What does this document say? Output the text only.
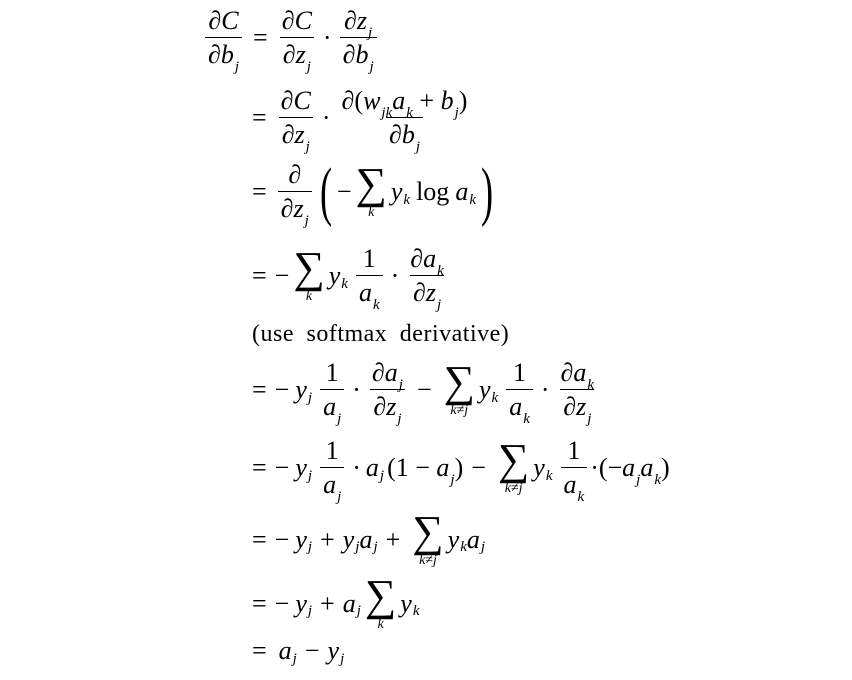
$\frac{\partial C}{\partial b_j} = \frac{\partial C}{\partial z_j} \cdot \frac{\partial z_j}{\partial b_j}$
= $\frac{\partial C}{\partial z_j} \cdot \frac{\partial(w_{jk}a_k + b_j)}{\partial b_j}$
= $\frac{\partial}{\partial z_j}$ ( − ∑
k
y k log a k )
= − ∑
k
y k $\frac{1}{a_k} \cdot \frac{\partial a_k}{\partial z_j}$
(use softmax derivative)
= − y j $\frac{1}{a_j} \cdot \frac{\partial a_j}{\partial z_j}$ − ∑
k≠j
y k $\frac{1}{a_k} \cdot \frac{\partial a_k}{\partial z_j}$
= − y j $\frac{1}{a_j} \cdot a$ j $(1 - a_j)$ − ∑
k≠j
y k $\frac{1}{a_k} \cdot(-a_ja_k)$
= − y j + y j a j + ∑
k≠j
y k a j
= − y j + a j ∑
k
y k
= a j − y j
